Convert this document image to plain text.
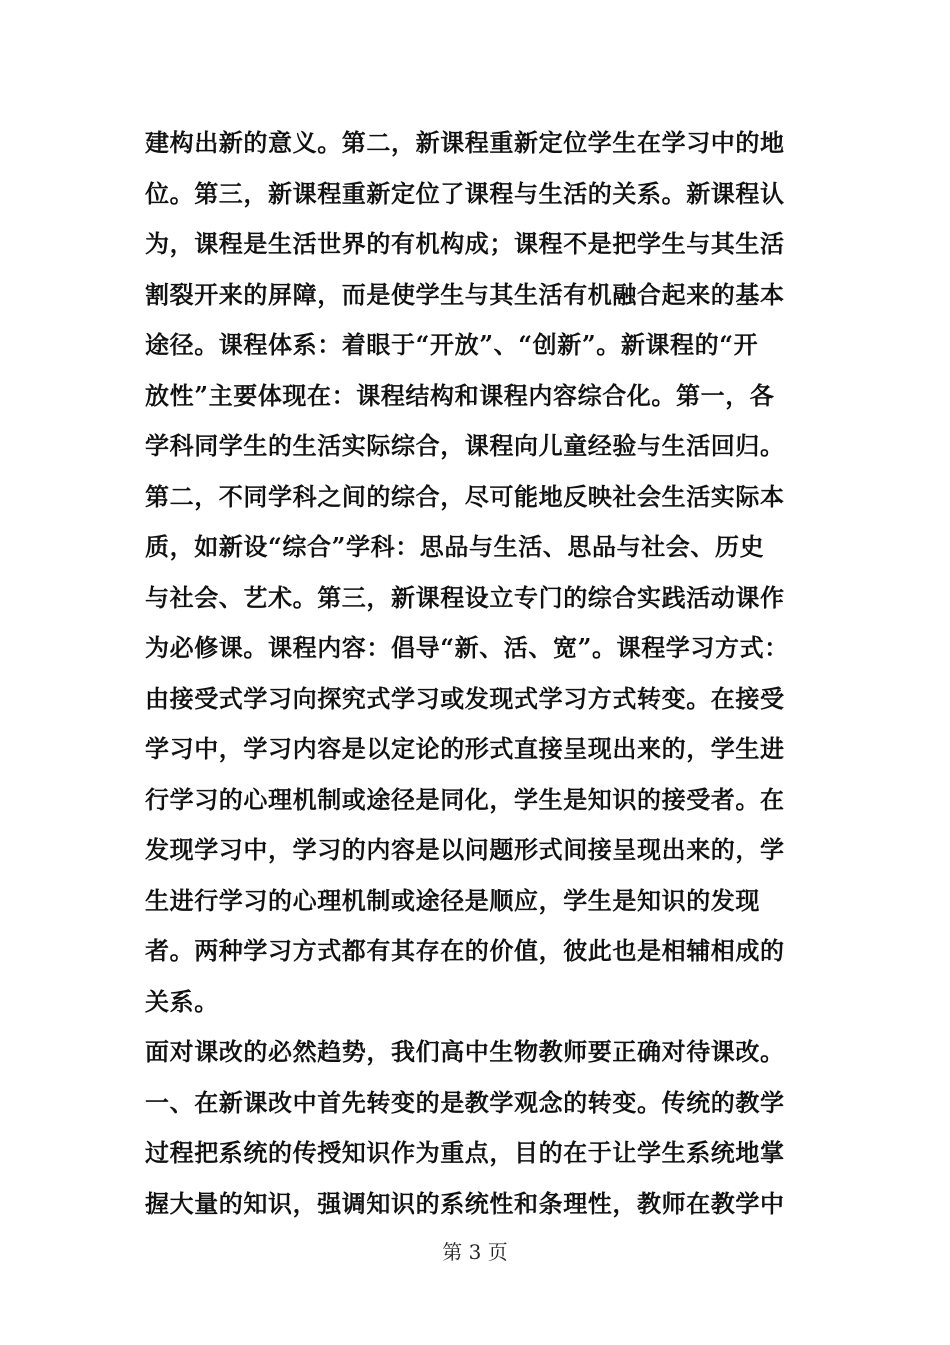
建构出新的意义。第二，新课程重新定位学生在学习中的地
位。第三，新课程重新定位了课程与生活的关系。新课程认
为，课程是生活世界的有机构成；课程不是把学生与其生活
割裂开来的屏障，而是使学生与其生活有机融合起来的基本
途径。课程体系：着眼于“开放”、“创新”。新课程的“开
放性”主要体现在：课程结构和课程内容综合化。第一，各
学科同学生的生活实际综合，课程向儿童经验与生活回归。
第二，不同学科之间的综合，尽可能地反映社会生活实际本
质，如新设“综合”学科：思品与生活、思品与社会、历史
与社会、艺术。第三，新课程设立专门的综合实践活动课作
为必修课。课程内容：倡导“新、活、宽”。课程学习方式：
由接受式学习向探究式学习或发现式学习方式转变。在接受
学习中，学习内容是以定论的形式直接呈现出来的，学生进
行学习的心理机制或途径是同化，学生是知识的接受者。在
发现学习中，学习的内容是以问题形式间接呈现出来的，学
生进行学习的心理机制或途径是顺应，学生是知识的发现
者。两种学习方式都有其存在的价值，彼此也是相辅相成的
关系。
面对课改的必然趋势，我们高中生物教师要正确对待课改。
一、在新课改中首先转变的是教学观念的转变。传统的教学
过程把系统的传授知识作为重点，目的在于让学生系统地掌
握大量的知识，强调知识的系统性和条理性，教师在教学中
第 3 页
